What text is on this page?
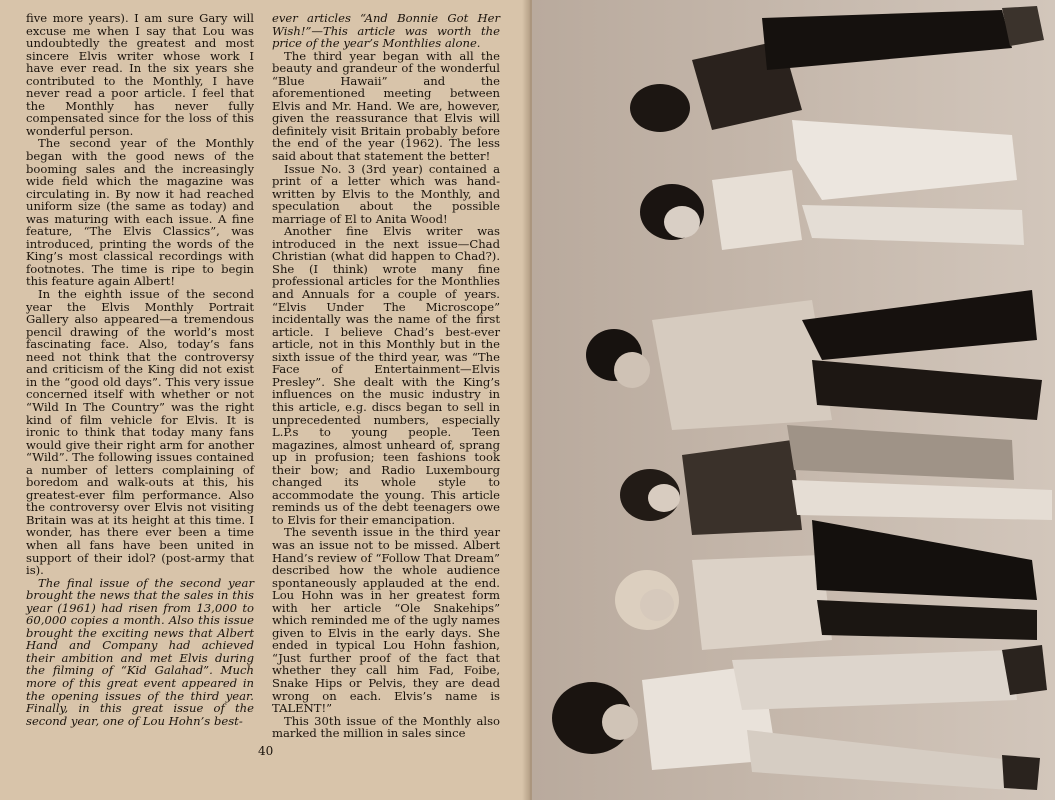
five more years). I am sure Gary will excuse me when I say that Lou was undoubtedly the greatest and most sincere Elvis writer whose work I have ever read. In the six years she contributed to the Monthly, I have never read a poor article. I feel that the Monthly has never fully compensated since for the loss of this wonderful person.

The second year of the Monthly began with the good news of the booming sales and the increasingly wide field which the magazine was circulating in. By now it had reached uniform size (the same as today) and was maturing with each issue. A fine feature, “The Elvis Classics”, was introduced, printing the words of the King’s most classical recordings with footnotes. The time is ripe to begin this feature again Albert!

In the eighth issue of the second year the Elvis Monthly Portrait Gallery also appeared—a tremendous pencil drawing of the world’s most fascinating face. Also, today’s fans need not think that the controversy and criticism of the King did not exist in the “good old days”. This very issue concerned itself with whether or not “Wild In The Country” was the right kind of film vehicle for Elvis. It is ironic to think that today many fans would give their right arm for another “Wild”. The following issues contained a number of letters complaining of boredom and walk-outs at this, his greatest-ever film performance. Also the controversy over Elvis not visiting Britain was at its height at this time. I wonder, has there ever been a time when all fans have been united in support of their idol? (post-army that is).

The final issue of the second year brought the news that the sales in this year (1961) had risen from 13,000 to 60,000 copies a month. Also this issue brought the exciting news that Albert Hand and Company had achieved their ambition and met Elvis during the filming of “Kid Galahad”. Much more of this great event appeared in the opening issues of the third year. Finally, in this great issue of the second year, one of Lou Hohn’s best-

ever articles “And Bonnie Got Her Wish!”—This article was worth the price of the year’s Monthlies alone.

The third year began with all the beauty and grandeur of the wonderful “Blue Hawaii” and the aforementioned meeting between Elvis and Mr. Hand. We are, however, given the reassurance that Elvis will definitely visit Britain probably before the end of the year (1962). The less said about that statement the better!

Issue No. 3 (3rd year) contained a print of a letter which was hand-written by Elvis to the Monthly, and speculation about the possible marriage of El to Anita Wood!

Another fine Elvis writer was introduced in the next issue—Chad Christian (what did happen to Chad?). She (I think) wrote many fine professional articles for the Monthlies and Annuals for a couple of years. “Elvis Under The Microscope” incidentally was the name of the first article. I believe Chad’s best-ever article, not in this Monthly but in the sixth issue of the third year, was “The Face of Entertainment—Elvis Presley”. She dealt with the King’s influences on the music industry in this article, e.g. discs began to sell in unprecedented numbers, especially L.P.s to young people. Teen magazines, almost unheard of, sprang up in profusion; teen fashions took their bow; and Radio Luxembourg changed its whole style to accommodate the young. This article reminds us of the debt teenagers owe to Elvis for their emancipation.

The seventh issue in the third year was an issue not to be missed. Albert Hand’s review of “Follow That Dream” described how the whole audience spontaneously applauded at the end. Lou Hohn was in her greatest form with her article “Ole Snakehips” which reminded me of the ugly names given to Elvis in the early days. She ended in typical Lou Hohn fashion, “Just further proof of the fact that whether they call him Fad, Foibe, Snake Hips or Pelvis, they are dead wrong on each. Elvis’s name is TALENT!”

This 30th issue of the Monthly also marked the million in sales since

40
